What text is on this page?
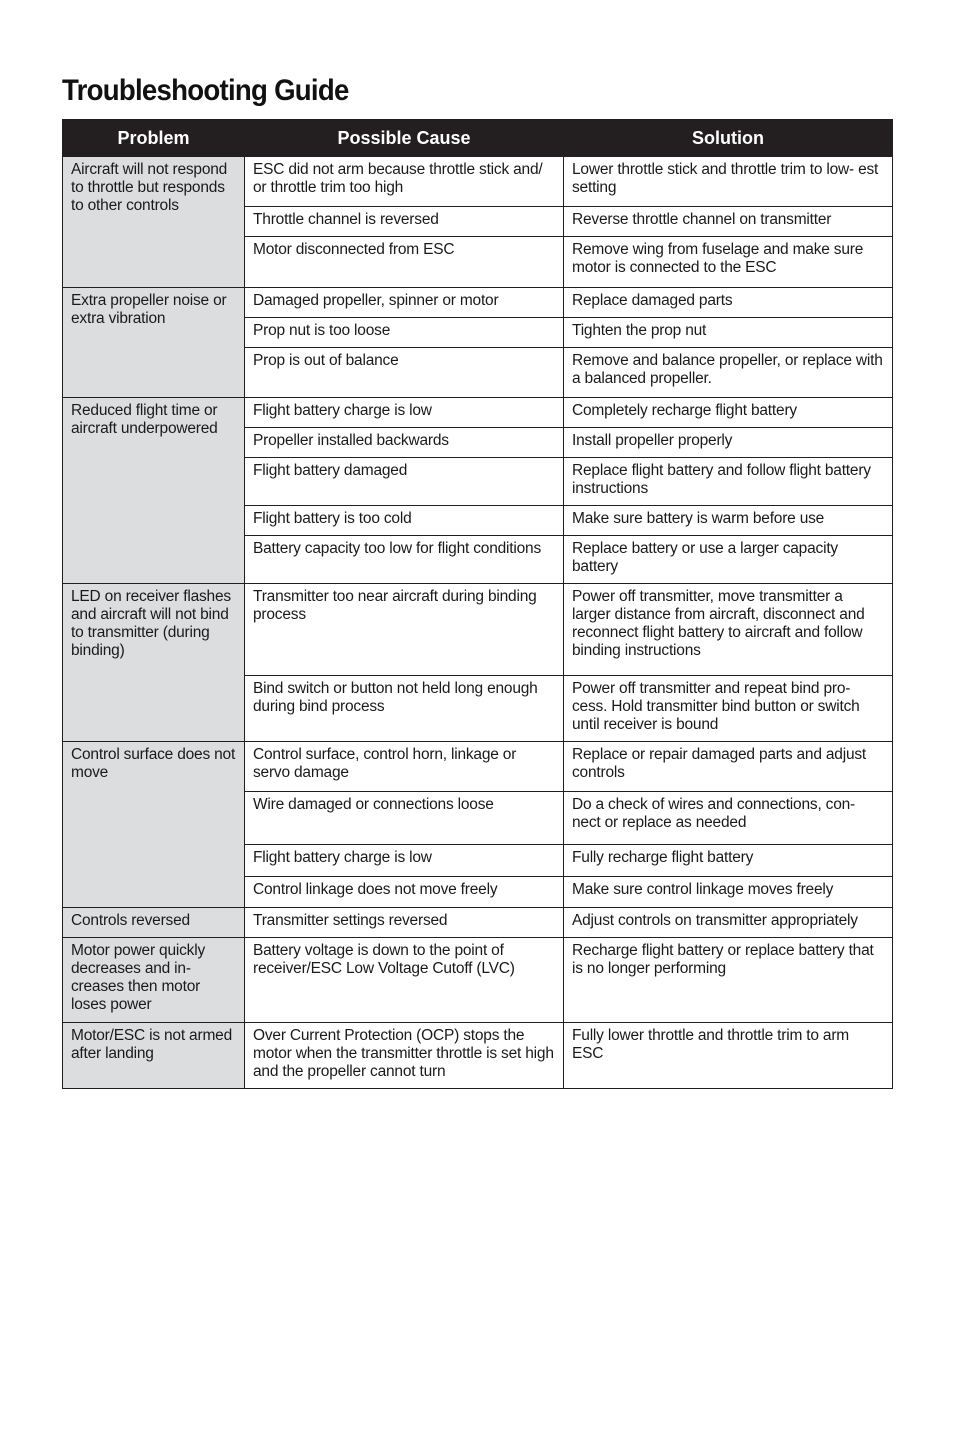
Troubleshooting Guide
Problem	Possible Cause	Solution
Aircraft will not respond to throttle but responds to other controls	ESC did not arm because throttle stick and/ or throttle trim too high	Lower throttle stick and throttle trim to low- est setting
	Throttle channel is reversed	Reverse throttle channel on transmitter
	Motor disconnected from ESC	Remove wing from fuselage and make sure motor is connected to the ESC
Extra propeller noise or extra vibration	Damaged propeller, spinner or motor	Replace damaged parts
	Prop nut is too loose	Tighten the prop nut
	Prop is out of balance	Remove and balance propeller, or replace with a balanced propeller.
Reduced flight time or aircraft underpowered	Flight battery charge is low	Completely recharge flight battery
	Propeller installed backwards	Install propeller properly
	Flight battery damaged	Replace flight battery and follow flight battery instructions
	Flight battery is too cold	Make sure battery is warm before use
	Battery capacity too low for flight conditions	Replace battery or use a larger capacity battery
LED on receiver flashes and aircraft will not bind to transmitter (during binding)	Transmitter too near aircraft during binding process	Power off transmitter, move transmitter a larger distance from aircraft, disconnect and reconnect flight battery to aircraft and follow binding instructions
	Bind switch or button not held long enough during bind process	Power off transmitter and repeat bind pro- cess. Hold transmitter bind button or switch until receiver is bound
Control surface does not move	Control surface, control horn, linkage or servo damage	Replace or repair damaged parts and adjust controls
	Wire damaged or connections loose	Do a check of wires and connections, con- nect or replace as needed
	Flight battery charge is low	Fully recharge flight battery
	Control linkage does not move freely	Make sure control linkage moves freely
Controls reversed	Transmitter settings reversed	Adjust controls on transmitter appropriately
Motor power quickly decreases and in- creases then motor loses power	Battery voltage is down to the point of receiver/ESC Low Voltage Cutoff (LVC)	Recharge flight battery or replace battery that is no longer performing
Motor/ESC is not armed after landing	Over Current Protection (OCP) stops the motor when the transmitter throttle is set high and the propeller cannot turn	Fully lower throttle and throttle trim to arm ESC
